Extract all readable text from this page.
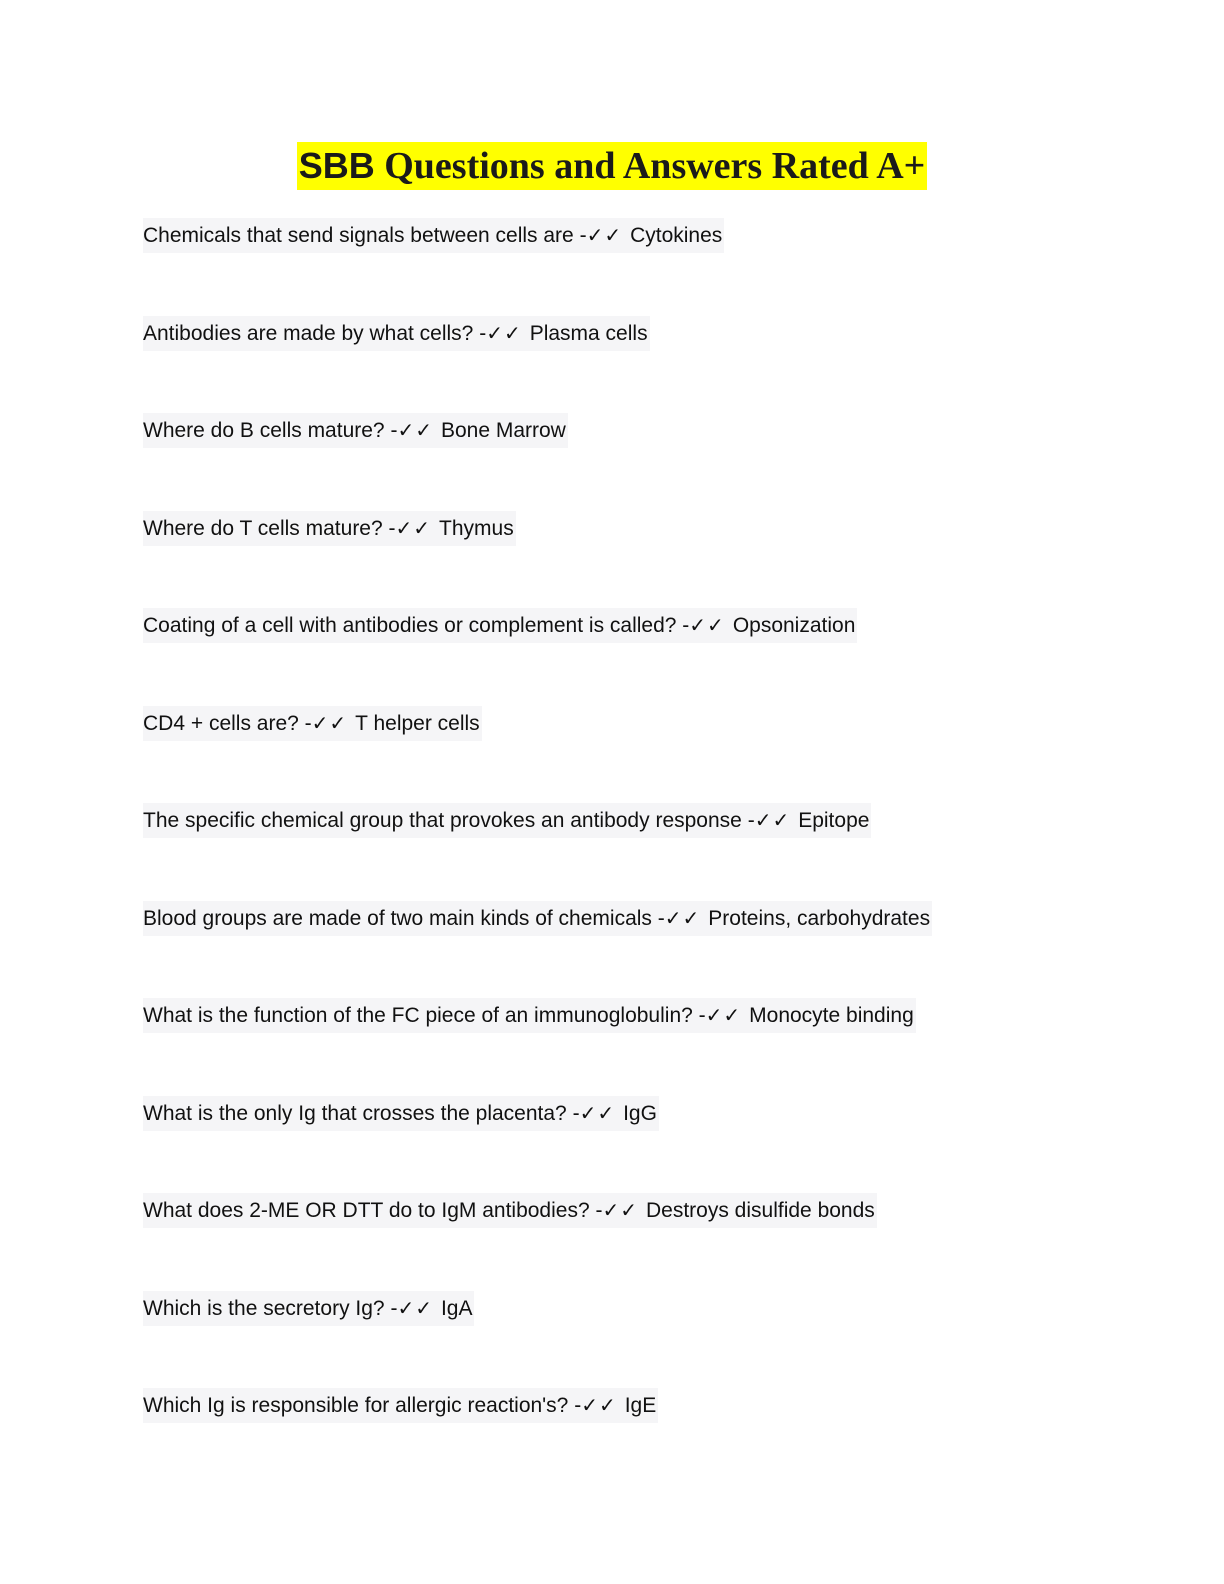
SBB Questions and Answers Rated A+
Chemicals that send signals between cells are -✓✓ Cytokines
Antibodies are made by what cells? -✓✓ Plasma cells
Where do B cells mature? -✓✓ Bone Marrow
Where do T cells mature? -✓✓ Thymus
Coating of a cell with antibodies or complement is called? -✓✓ Opsonization
CD4 + cells are? -✓✓ T helper cells
The specific chemical group that provokes an antibody response -✓✓ Epitope
Blood groups are made of two main kinds of chemicals -✓✓ Proteins, carbohydrates
What is the function of the FC piece of an immunoglobulin? -✓✓ Monocyte binding
What is the only Ig that crosses the placenta? -✓✓ IgG
What does 2-ME OR DTT do to IgM antibodies? -✓✓ Destroys disulfide bonds
Which is the secretory Ig? -✓✓ IgA
Which Ig is responsible for allergic reaction's? -✓✓ IgE
